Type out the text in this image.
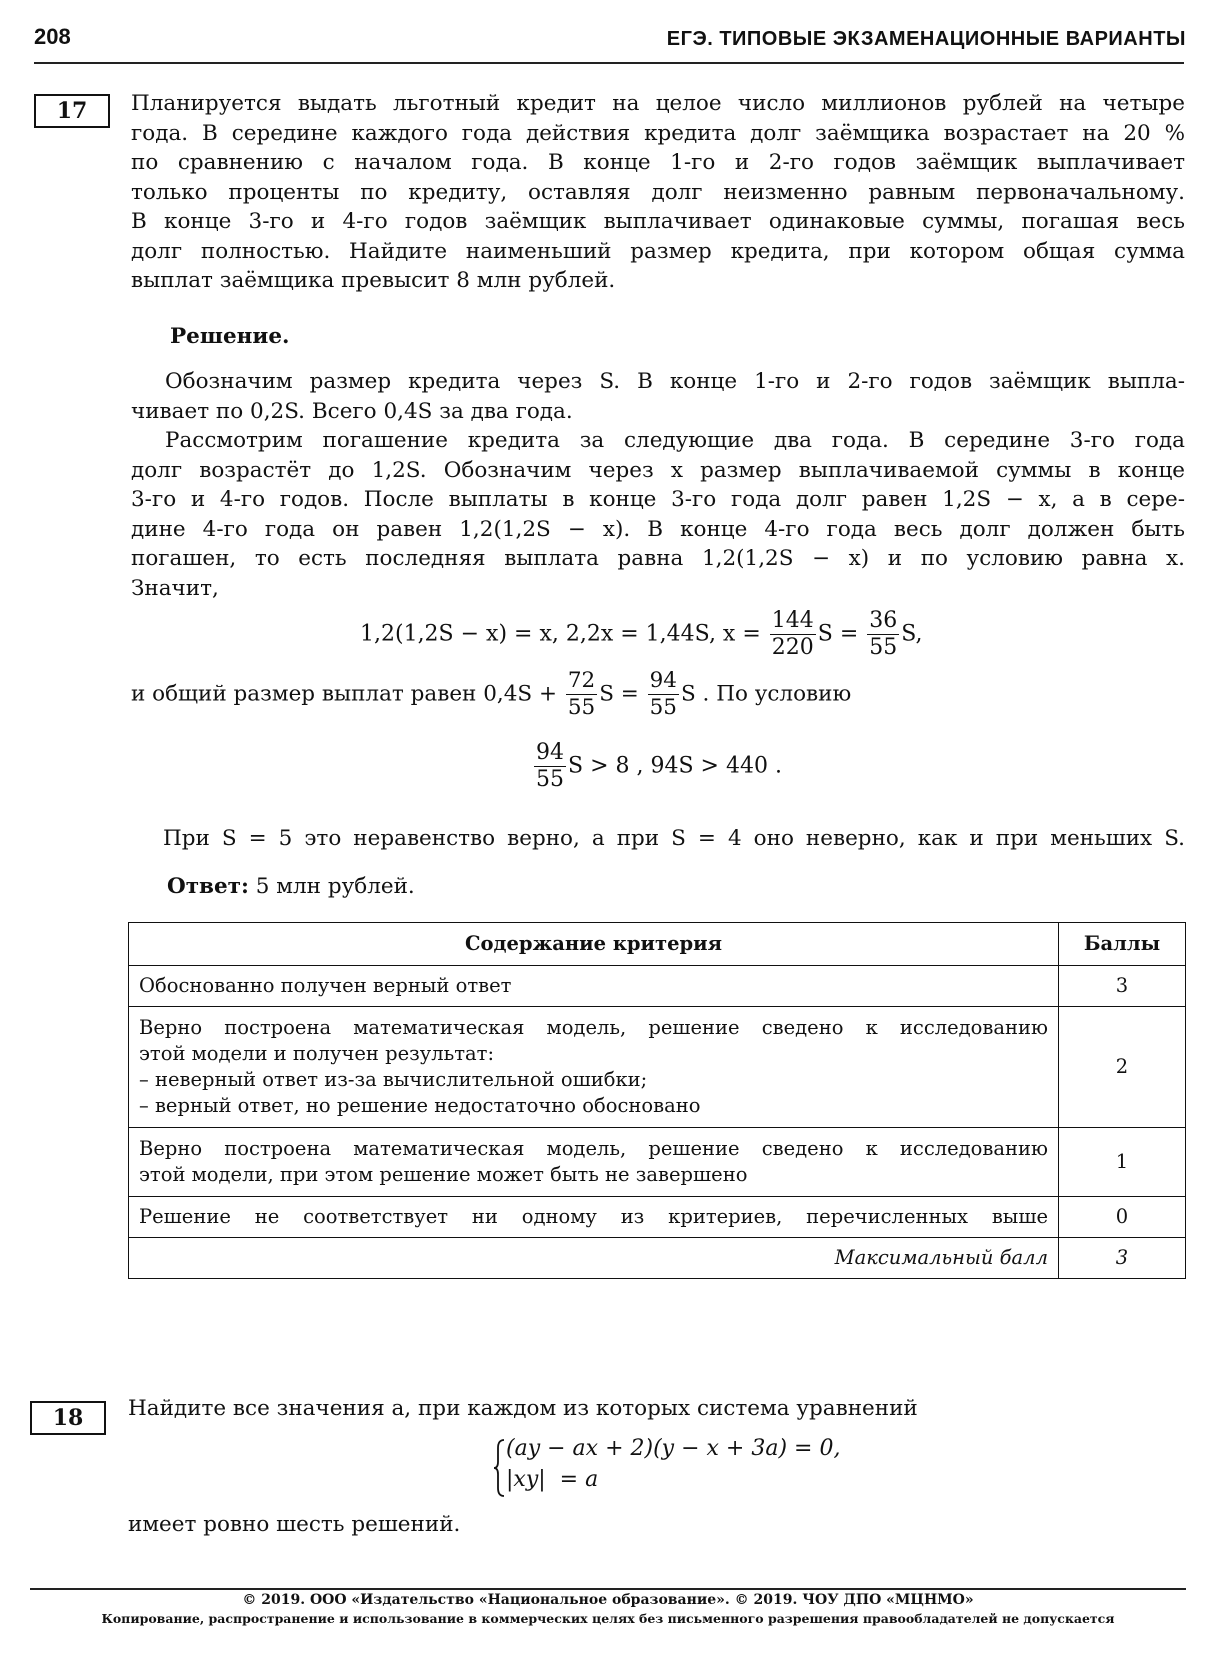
208	ЕГЭ. ТИПОВЫЕ ЭКЗАМЕНАЦИОННЫЕ ВАРИАНТЫ
17 Планируется выдать льготный кредит на целое число миллионов рублей на четыре
года. В середине каждого года действия кредита долг заёмщика возрастает на 20 %
по сравнению с началом года. В конце 1-го и 2-го годов заёмщик выплачивает
только проценты по кредиту, оставляя долг неизменно равным первоначальному.
В конце 3-го и 4-го годов заёмщик выплачивает одинаковые суммы, погашая весь
долг полностью. Найдите наименьший размер кредита, при котором общая сумма
выплат заёмщика превысит 8 млн рублей.
Решение.
Обозначим размер кредита через S. В конце 1-го и 2-го годов заёмщик выпла-
чивает по 0,2S. Всего 0,4S за два года.
Рассмотрим погашение кредита за следующие два года. В середине 3-го года
долг возрастёт до 1,2S. Обозначим через x размер выплачиваемой суммы в конце
3-го и 4-го годов. После выплаты в конце 3-го года долг равен 1,2S − x, а в сере-
дине 4-го года он равен 1,2(1,2S − x). В конце 4-го года весь долг должен быть
погашен, то есть последняя выплата равна 1,2(1,2S − x) и по условию равна x.
Значит,
1,2(1,2S − x) = x, 2,2x = 1,44S, $x = \frac{144}{220}$ $S = \frac{36}{55} S$,
и общий размер выплат равен $0,4S + \frac{72}{55}$ $S = \frac{94}{55}$ S . По условию
$\frac{94}{55}$ S > 8 , 94S > 440 .
При S = 5 это неравенство верно, а при S = 4 оно неверно, как и при меньших S.
Ответ: 5 млн рублей.
Содержание критерия	Баллы

Обоснованно получен верный ответ	3

Верно построена математическая модель, решение сведено к исследованию
этой модели и получен результат:
– неверный ответ из-за вычислительной ошибки;
– верный ответ, но решение недостаточно обосновано	2

Верно построена математическая модель, решение сведено к исследованию
этой модели, при этом решение может быть не завершено	1

Решение не соответствует ни одному из критериев, перечисленных выше	0
Максимальный балл	3
18 Найдите все значения a, при каждом из которых система уравнений
(ay − ax + 2)(y − x + 3a) = 0,
|xy|  = a
имеет ровно шесть решений.
© 2019. ООО «Издательство «Национальное образование». © 2019. ЧОУ ДПО «МЦНМО»
Копирование, распространение и использование в коммерческих целях без письменного разрешения правообладателей не допускается
